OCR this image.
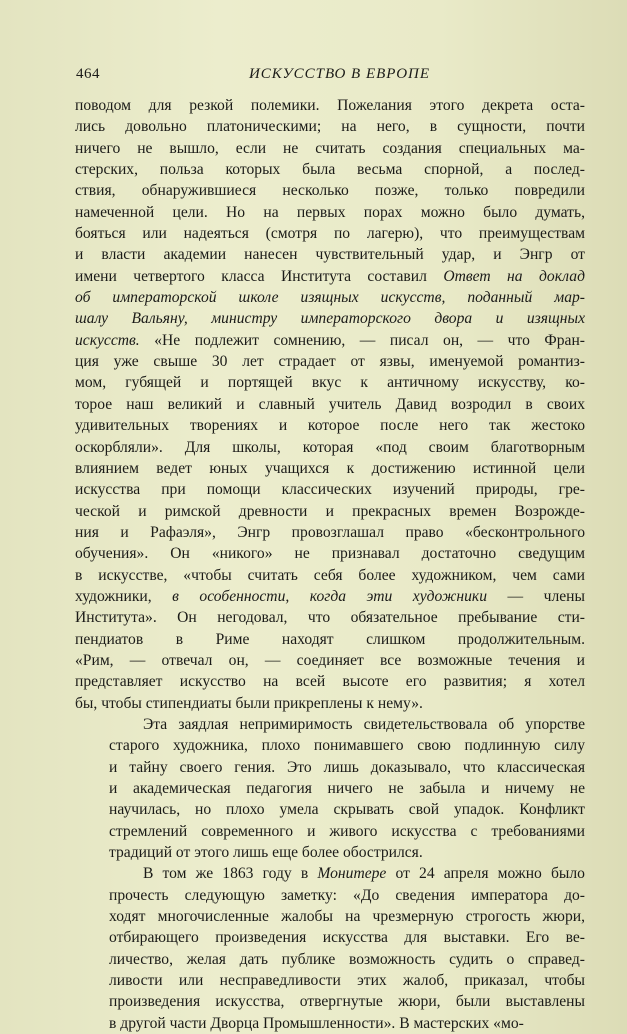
464	ИСКУССТВО В ЕВРОПЕ

поводом для резкой полемики. Пожелания этого декрета оста-
лись довольно платоническими; на него, в сущности, почти
ничего не вышло, если не считать создания специальных ма-
стерских, польза которых была весьма спорной, а послед-
ствия, обнаружившиеся несколько позже, только повредили
намеченной цели. Но на первых порах можно было думать,
бояться или надеяться (смотря по лагерю), что преимуществам
и власти академии нанесен чувствительный удар, и Энгр от
имени четвертого класса Института составил Ответ на доклад
об императорской школе изящных искусств, поданный мар-
шалу Вальяну, министру императорского двора и изящных
искусств. «Не подлежит сомнению, — писал он, — что Фран-
ция уже свыше 30 лет страдает от язвы, именуемой романтиз-
мом, губящей и портящей вкус к античному искусству, ко-
торое наш великий и славный учитель Давид возродил в своих
удивительных творениях и которое после него так жестоко
оскорбляли». Для школы, которая «под своим благотворным
влиянием ведет юных учащихся к достижению истинной цели
искусства при помощи классических изучений природы, гре-
ческой и римской древности и прекрасных времен Возрожде-
ния и Рафаэля», Энгр провозглашал право «бесконтрольного
обучения». Он «никого» не признавал достаточно сведущим
в искусстве, «чтобы считать себя более художником, чем сами
художники, в особенности, когда эти художники — члены
Института». Он негодовал, что обязательное пребывание сти-
пендиатов в Риме находят слишком продолжительным.
«Рим, — отвечал он, — соединяет все возможные течения и
представляет искусство на всей высоте его развития; я хотел
бы, чтобы стипендиаты были прикреплены к нему».

Эта заядлая непримиримость свидетельствовала об упорстве
старого художника, плохо понимавшего свою подлинную силу
и тайну своего гения. Это лишь доказывало, что классическая
и академическая педагогия ничего не забыла и ничему не
научилась, но плохо умела скрывать свой упадок. Конфликт
стремлений современного и живого искусства с требованиями
традиций от этого лишь еще более обострился.

В том же 1863 году в Монитере от 24 апреля можно было
прочесть следующую заметку: «До сведения императора до-
ходят многочисленные жалобы на чрезмерную строгость жюри,
отбирающего произведения искусства для выставки. Его ве-
личество, желая дать публике возможность судить о справед-
ливости или несправедливости этих жалоб, приказал, чтобы
произведения искусства, отвергнутые жюри, были выставлены
в другой части Дворца Промышленности». В мастерских «мо-
